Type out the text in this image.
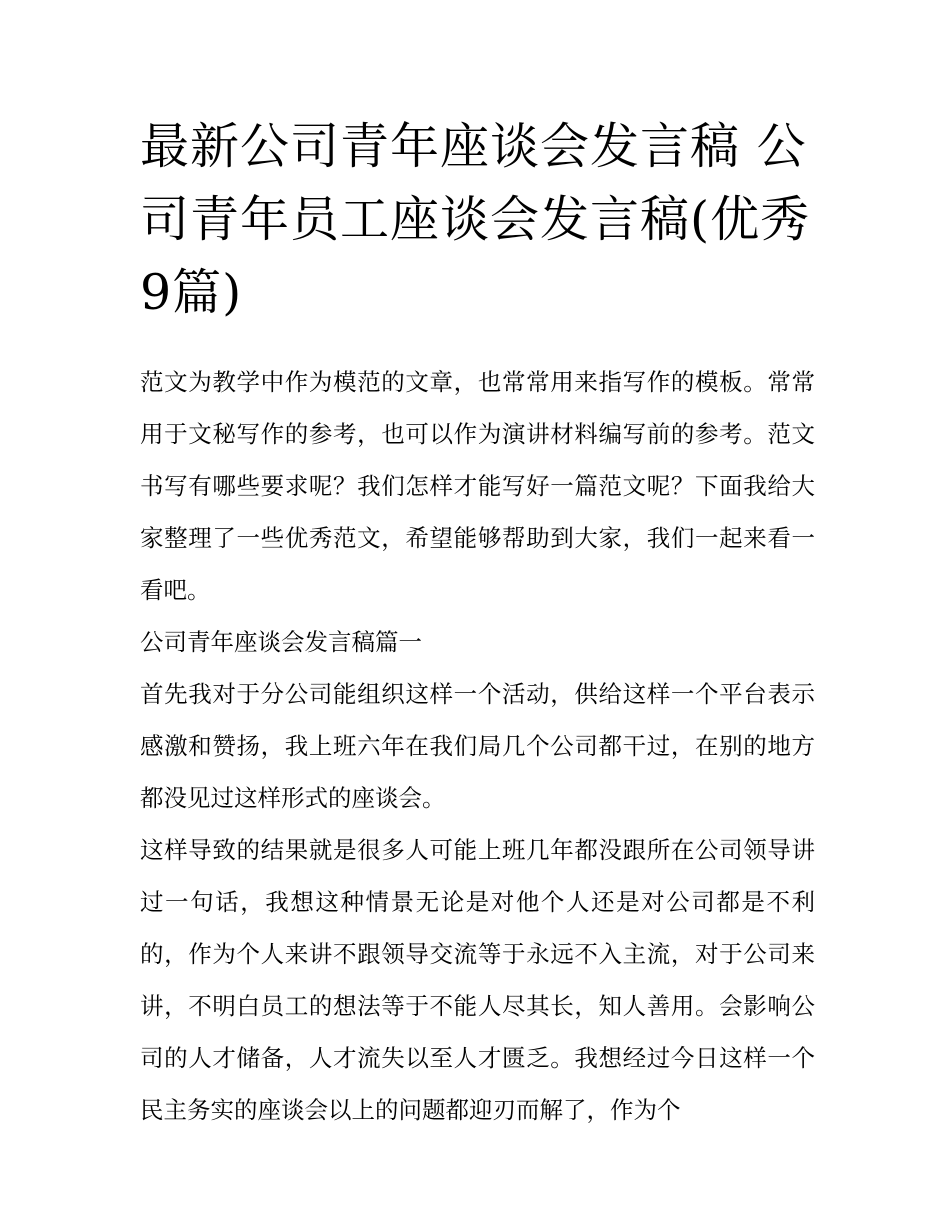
最新公司青年座谈会发言稿 公司青年员工座谈会发言稿(优秀9篇)

范文为教学中作为模范的文章，也常常用来指写作的模板。常常用于文秘写作的参考，也可以作为演讲材料编写前的参考。范文书写有哪些要求呢？我们怎样才能写好一篇范文呢？下面我给大家整理了一些优秀范文，希望能够帮助到大家，我们一起来看一看吧。

公司青年座谈会发言稿篇一

首先我对于分公司能组织这样一个活动，供给这样一个平台表示感激和赞扬，我上班六年在我们局几个公司都干过，在别的地方都没见过这样形式的座谈会。

这样导致的结果就是很多人可能上班几年都没跟所在公司领导讲过一句话，我想这种情景无论是对他个人还是对公司都是不利的，作为个人来讲不跟领导交流等于永远不入主流，对于公司来讲，不明白员工的想法等于不能人尽其长，知人善用。会影响公司的人才储备，人才流失以至人才匮乏。我想经过今日这样一个民主务实的座谈会以上的问题都迎刃而解了，作为个
